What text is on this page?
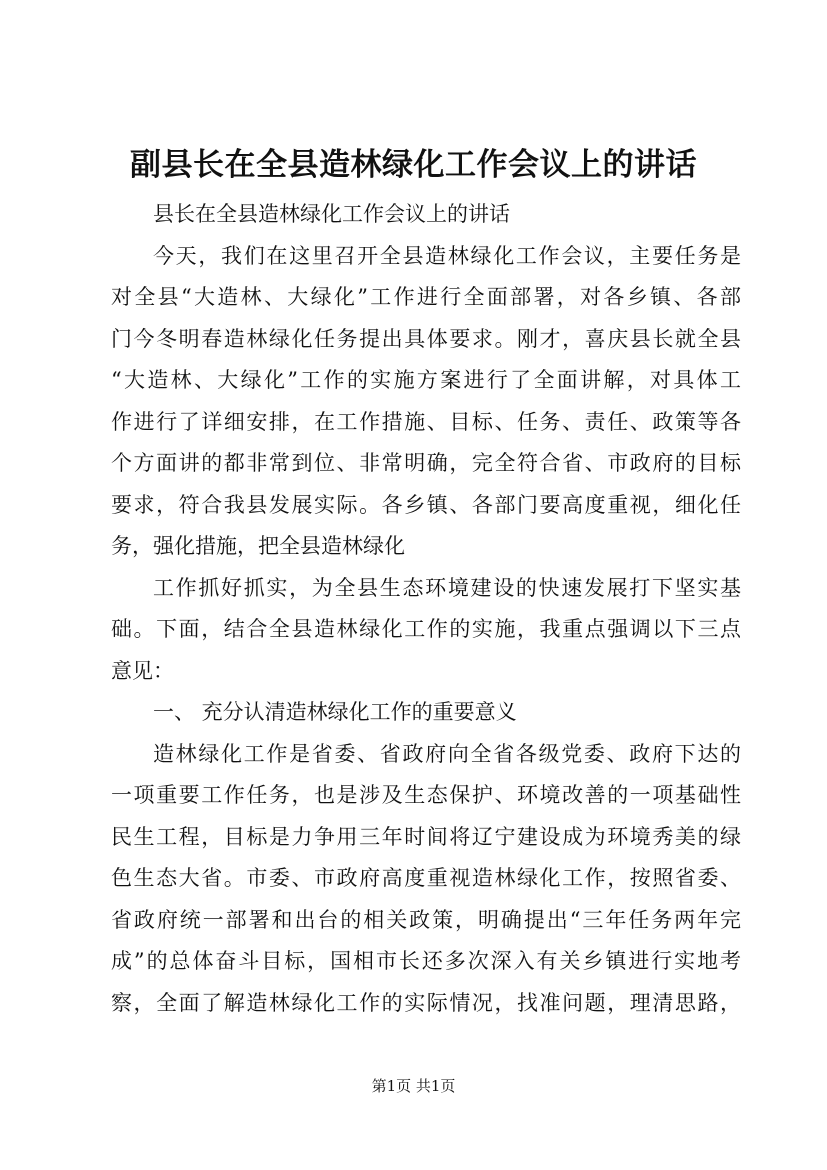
副县长在全县造林绿化工作会议上的讲话
县长在全县造林绿化工作会议上的讲话
今天，我们在这里召开全县造林绿化工作会议，主要任务是
对全县“大造林、大绿化”工作进行全面部署，对各乡镇、各部
门今冬明春造林绿化任务提出具体要求。刚才，喜庆县长就全县
“大造林、大绿化”工作的实施方案进行了全面讲解，对具体工
作进行了详细安排，在工作措施、目标、任务、责任、政策等各
个方面讲的都非常到位、非常明确，完全符合省、市政府的目标
要求，符合我县发展实际。各乡镇、各部门要高度重视，细化任
务，强化措施，把全县造林绿化
工作抓好抓实，为全县生态环境建设的快速发展打下坚实基
础。下面，结合全县造林绿化工作的实施，我重点强调以下三点
意见：
一、 充分认清造林绿化工作的重要意义
造林绿化工作是省委、省政府向全省各级党委、政府下达的
一项重要工作任务，也是涉及生态保护、环境改善的一项基础性
民生工程，目标是力争用三年时间将辽宁建设成为环境秀美的绿
色生态大省。市委、市政府高度重视造林绿化工作，按照省委、
省政府统一部署和出台的相关政策，明确提出“三年任务两年完
成”的总体奋斗目标，国相市长还多次深入有关乡镇进行实地考
察，全面了解造林绿化工作的实际情况，找准问题，理清思路，
第1页 共1页
